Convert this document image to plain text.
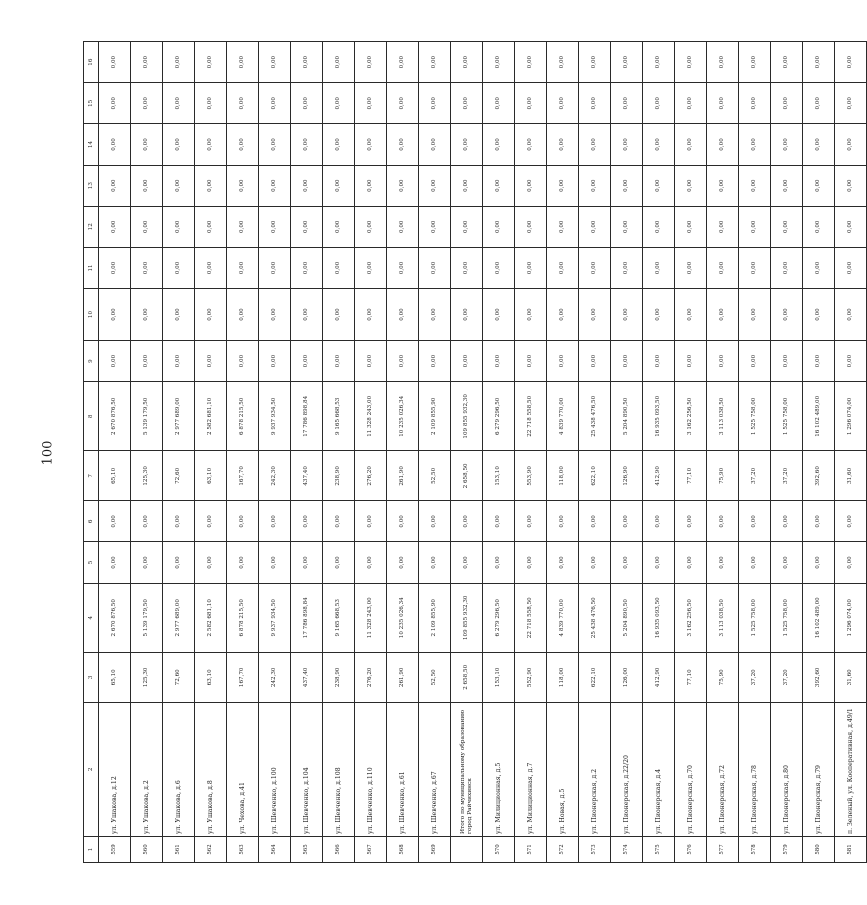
100
1	2	3	4	5	6	7	8	9	10	11	12	13	14	15	16
559	ул. Ушакова, д.12	65,10	2 670 876,50	0,00	0,00	65,10	2 670 876,50	0,00	0,00	0,00	0,00	0,00	0,00	0,00	0,00
560	ул. Ушакова, д.2	125,30	5 139 179,50	0,00	0,00	125,30	5 139 179,50	0,00	0,00	0,00	0,00	0,00	0,00	0,00	0,00
561	ул. Ушакова, д.6	72,60	2 977 689,00	0,00	0,00	72,60	2 977 689,00	0,00	0,00	0,00	0,00	0,00	0,00	0,00	0,00
562	ул. Ушакова, д.8	63,10	2 582 681,10	0,00	0,00	63,10	2 582 681,10	0,00	0,00	0,00	0,00	0,00	0,00	0,00	0,00
563	ул. Чехова, д.41	167,70	6 878 215,50	0,00	0,00	167,70	6 878 215,50	0,00	0,00	0,00	0,00	0,00	0,00	0,00	0,00
564	ул. Шевченко, д.100	242,30	9 937 934,50	0,00	0,00	242,30	9 937 934,50	0,00	0,00	0,00	0,00	0,00	0,00	0,00	0,00
565	ул. Шевченко, д.104	437,40	17 786 898,84	0,00	0,00	437,40	17 786 898,84	0,00	0,00	0,00	0,00	0,00	0,00	0,00	0,00
566	ул. Шевченко, д.108	238,90	9 165 668,53	0,00	0,00	238,90	9 165 668,53	0,00	0,00	0,00	0,00	0,00	0,00	0,00	0,00
567	ул. Шевченко, д.110	276,20	11 328 243,00	0,00	0,00	276,20	11 328 243,00	0,00	0,00	0,00	0,00	0,00	0,00	0,00	0,00
568	ул. Шевченко, д.61	261,90	10 235 026,34	0,00	0,00	261,90	10 235 026,34	0,00	0,00	0,00	0,00	0,00	0,00	0,00	0,00
569	ул. Шевченко, д.67	52,50	2 109 855,90	0,00	0,00	52,50	2 109 855,90	0,00	0,00	0,00	0,00	0,00	0,00	0,00	0,00
	Итого по муниципальному образованию город Райчихинск	2 658,50	109 855 932,30	0,00	0,00	2 658,50	109 855 932,30	0,00	0,00	0,00	0,00	0,00	0,00	0,00	0,00
570	ул. Милиционная, д.5	153,10	6 279 296,50	0,00	0,00	153,10	6 279 296,50	0,00	0,00	0,00	0,00	0,00	0,00	0,00	0,00
571	ул. Милиционная, д.7	552,90	22 718 558,50	0,00	0,00	553,90	22 718 558,50	0,00	0,00	0,00	0,00	0,00	0,00	0,00	0,00
572	ул. Новая, д.5	118,00	4 839 770,00	0,00	0,00	118,00	4 839 770,00	0,00	0,00	0,00	0,00	0,00	0,00	0,00	0,00
573	ул. Пионерская, д.2	622,10	25 438 476,50	0,00	0,00	622,10	25 438 476,50	0,00	0,00	0,00	0,00	0,00	0,00	0,00	0,00
574	ул. Пионерская, д.22/20	126,00	5 204 890,50	0,00	0,00	126,90	5 204 890,50	0,00	0,00	0,00	0,00	0,00	0,00	0,00	0,00
575	ул. Пионерская, д.4	412,90	16 935 093,50	0,00	0,00	412,90	16 935 093,50	0,00	0,00	0,00	0,00	0,00	0,00	0,00	0,00
576	ул. Пионерская, д.70	77,10	3 162 256,50	0,00	0,00	77,10	3 162 256,50	0,00	0,00	0,00	0,00	0,00	0,00	0,00	0,00
577	ул. Пионерская, д.72	75,90	3 113 038,50	0,00	0,00	75,90	3 113 038,50	0,00	0,00	0,00	0,00	0,00	0,00	0,00	0,00
578	ул. Пионерская, д.78	37,20	1 525 758,00	0,00	0,00	37,20	1 525 758,00	0,00	0,00	0,00	0,00	0,00	0,00	0,00	0,00
579	ул. Пионерская, д.80	37,20	1 525 758,00	0,00	0,00	37,20	1 525 758,00	0,00	0,00	0,00	0,00	0,00	0,00	0,00	0,00
580	ул. Пионерская, д.79	392,60	16 102 489,00	0,00	0,00	392,60	16 102 489,00	0,00	0,00	0,00	0,00	0,00	0,00	0,00	0,00
581	п. Зеленый, ул. Кооперативная, д.49/1	31,60	1 296 074,00	0,00	0,00	31,60	1 296 074,00	0,00	0,00	0,00	0,00	0,00	0,00	0,00	0,00
